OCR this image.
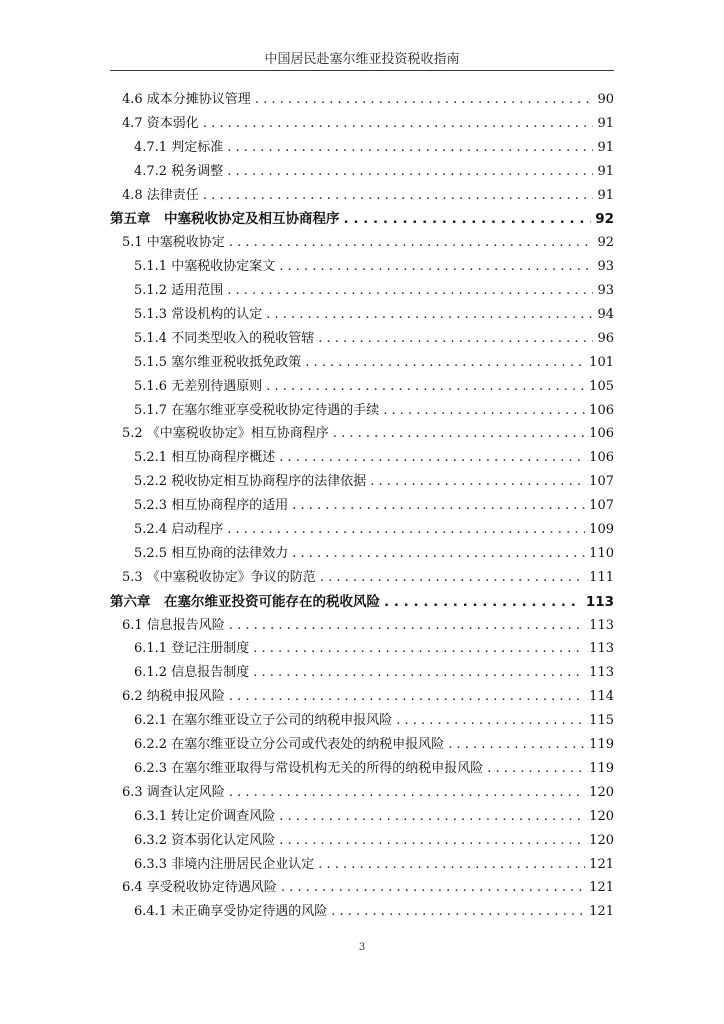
中国居民赴塞尔维亚投资税收指南
4.6 成本分摊协议管理 . . .	90
4.7 资本弱化 . . .	91
4.7.1 判定标准 . . .	91
4.7.2 税务调整 . . .	91
4.8 法律责任 . . .	91
第五章　中塞税收协定及相互协商程序 . . .	92
5.1 中塞税收协定 . . .	92
5.1.1 中塞税收协定案文 . . .	93
5.1.2 适用范围 . . .	93
5.1.3 常设机构的认定 . . .	94
5.1.4 不同类型收入的税收管辖 . . .	96
5.1.5 塞尔维亚税收抵免政策 . . .	101
5.1.6 无差别待遇原则 . . .	105
5.1.7 在塞尔维亚享受税收协定待遇的手续 . . .	106
5.2 《中塞税收协定》相互协商程序 . . .	106
5.2.1 相互协商程序概述 . . .	106
5.2.2 税收协定相互协商程序的法律依据 . . .	107
5.2.3 相互协商程序的适用 . . .	107
5.2.4 启动程序 . . .	109
5.2.5 相互协商的法律效力 . . .	110
5.3 《中塞税收协定》争议的防范 . . .	111
第六章　在塞尔维亚投资可能存在的税收风险 . . .	113
6.1 信息报告风险 . . .	113
6.1.1 登记注册制度 . . .	113
6.1.2 信息报告制度 . . .	113
6.2 纳税申报风险 . . .	114
6.2.1 在塞尔维亚设立子公司的纳税申报风险 . . .	115
6.2.2 在塞尔维亚设立分公司或代表处的纳税申报风险 . . .	119
6.2.3 在塞尔维亚取得与常设机构无关的所得的纳税申报风险 . . .	119
6.3 调查认定风险 . . .	120
6.3.1 转让定价调查风险 . . .	120
6.3.2 资本弱化认定风险 . . .	120
6.3.3 非境内注册居民企业认定 . . .	121
6.4 享受税收协定待遇风险 . . .	121
6.4.1 未正确享受协定待遇的风险 . . .	121
3
